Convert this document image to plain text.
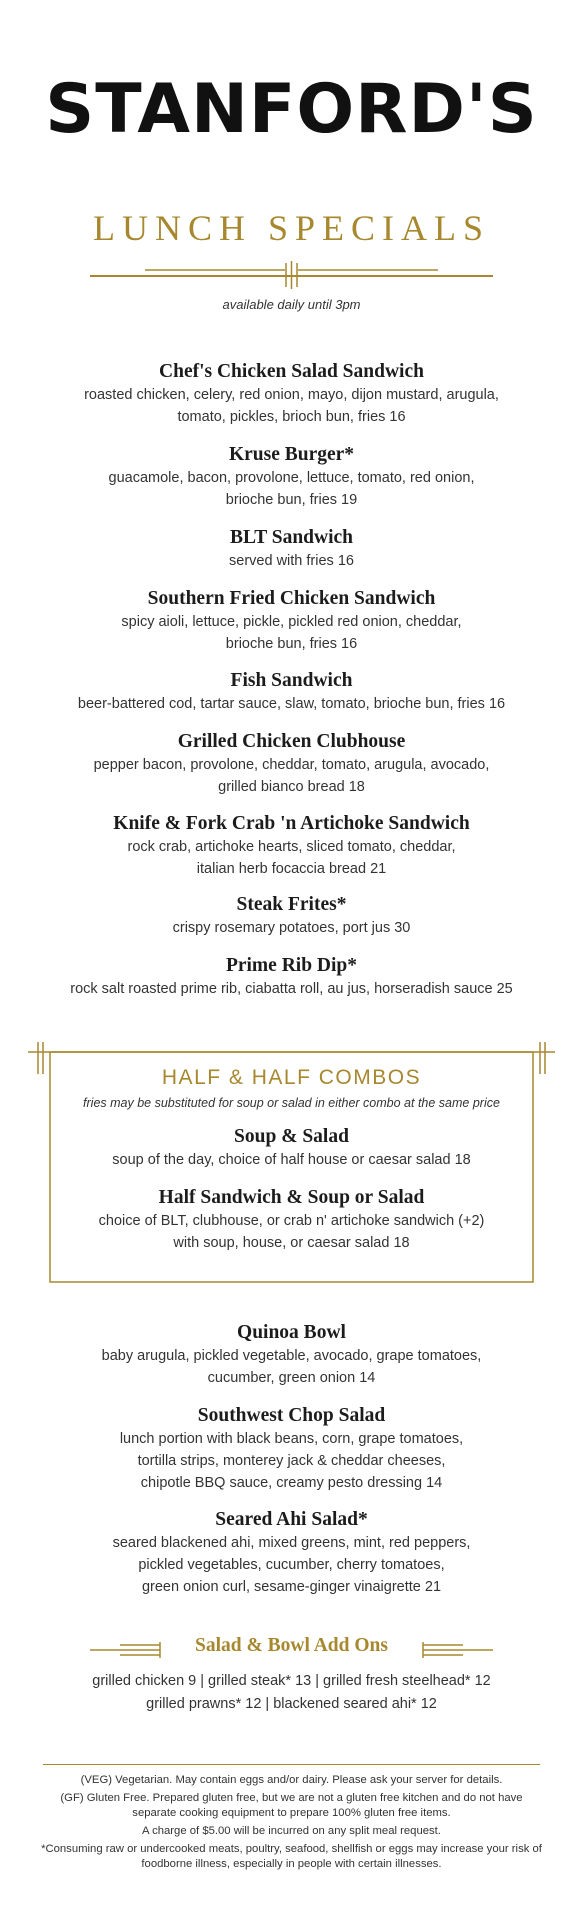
STANFORD'S
LUNCH SPECIALS
available daily until 3pm
Chef's Chicken Salad Sandwich
roasted chicken, celery, red onion, mayo, dijon mustard, arugula,
tomato, pickles, brioch bun, fries 16
Kruse Burger*
guacamole, bacon, provolone, lettuce, tomato, red onion,
brioche bun, fries 19
BLT Sandwich
served with fries 16
Southern Fried Chicken Sandwich
spicy aioli, lettuce, pickle, pickled red onion, cheddar,
brioche bun, fries 16
Fish Sandwich
beer-battered cod, tartar sauce, slaw, tomato, brioche bun, fries 16
Grilled Chicken Clubhouse
pepper bacon, provolone, cheddar, tomato, arugula, avocado,
grilled bianco bread 18
Knife & Fork Crab 'n Artichoke Sandwich
rock crab, artichoke hearts, sliced tomato, cheddar,
italian herb focaccia bread 21
Steak Frites*
crispy rosemary potatoes, port jus 30
Prime Rib Dip*
rock salt roasted prime rib, ciabatta roll, au jus, horseradish sauce 25
HALF & HALF COMBOS
fries may be substituted for soup or salad in either combo at the same price
Soup & Salad
soup of the day, choice of half house or caesar salad 18
Half Sandwich & Soup or Salad
choice of BLT, clubhouse, or crab n' artichoke sandwich (+2)
with soup, house, or caesar salad 18
Quinoa Bowl
baby arugula, pickled vegetable, avocado, grape tomatoes,
cucumber, green onion 14
Southwest Chop Salad
lunch portion with black beans, corn, grape tomatoes,
tortilla strips, monterey jack & cheddar cheeses,
chipotle BBQ sauce, creamy pesto dressing 14
Seared Ahi Salad*
seared blackened ahi, mixed greens, mint, red peppers,
pickled vegetables, cucumber, cherry tomatoes,
green onion curl, sesame-ginger vinaigrette 21
Salad & Bowl Add Ons
grilled chicken 9 | grilled steak* 13 | grilled fresh steelhead* 12
grilled prawns* 12 | blackened seared ahi* 12

(VEG) Vegetarian. May contain eggs and/or dairy. Please ask your server for details.

(GF) Gluten Free. Prepared gluten free, but we are not a gluten free kitchen and do not have separate cooking equipment to prepare 100% gluten free items.

A charge of $5.00 will be incurred on any split meal request.

*Consuming raw or undercooked meats, poultry, seafood, shellfish or eggs may increase your risk of foodborne illness, especially in people with certain illnesses.
